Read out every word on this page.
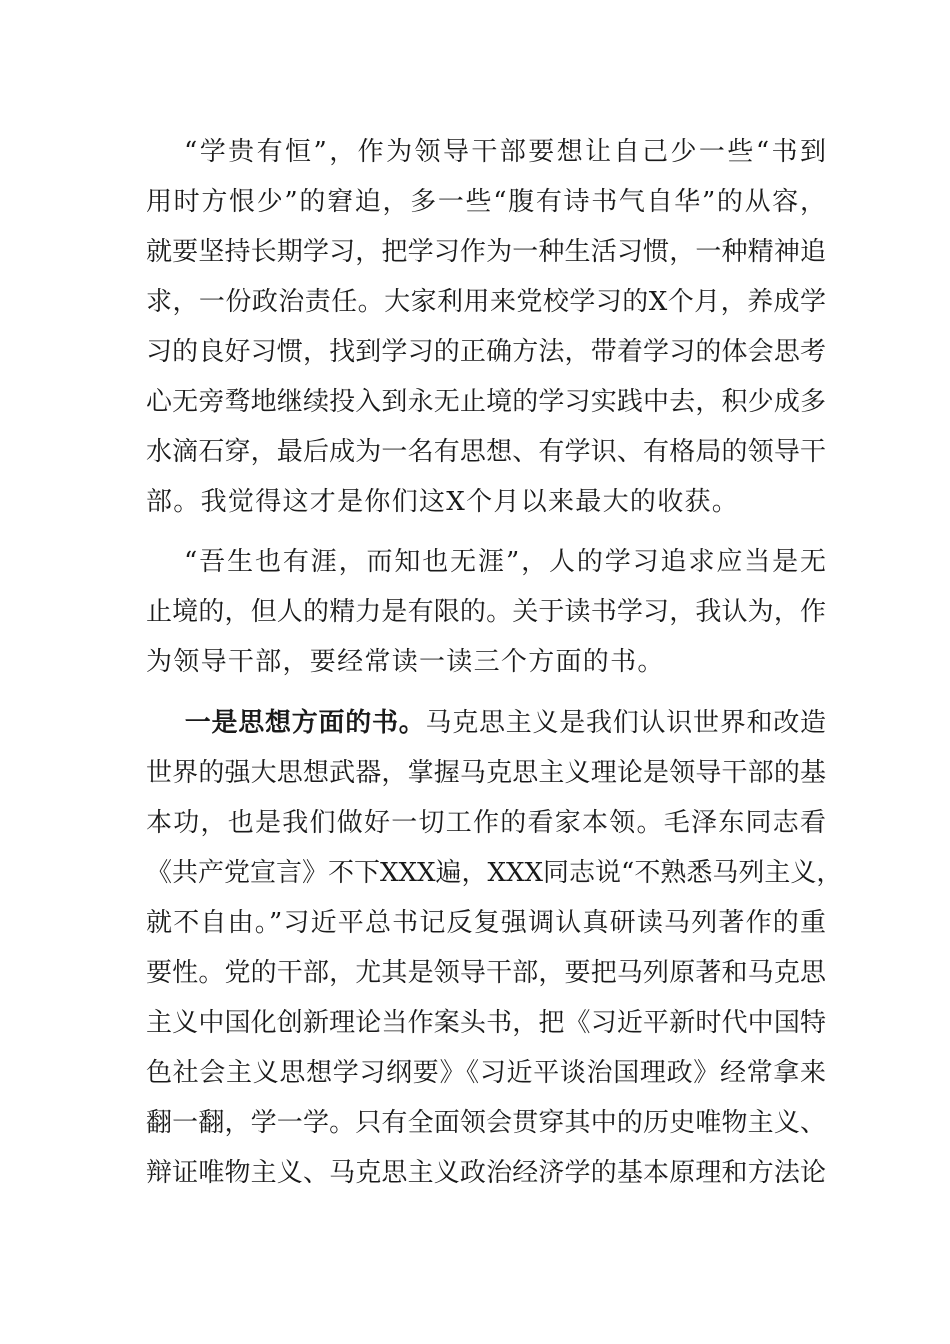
“学贵有恒”，作为领导干部要想让自己少一些“书到
用时方恨少”的窘迫，多一些“腹有诗书气自华”的从容，
就要坚持长期学习，把学习作为一种生活习惯，一种精神追
求，一份政治责任。大家利用来党校学习的X个月，养成学
习的良好习惯，找到学习的正确方法，带着学习的体会思考
心无旁骛地继续投入到永无止境的学习实践中去，积少成多
水滴石穿，最后成为一名有思想、有学识、有格局的领导干
部。我觉得这才是你们这X个月以来最大的收获。
“吾生也有涯，而知也无涯”，人的学习追求应当是无
止境的，但人的精力是有限的。关于读书学习，我认为，作
为领导干部，要经常读一读三个方面的书。
一是思想方面的书。马克思主义是我们认识世界和改造
世界的强大思想武器，掌握马克思主义理论是领导干部的基
本功，也是我们做好一切工作的看家本领。毛泽东同志看
《共产党宣言》不下XXX遍，XXX同志说“不熟悉马列主义，
就不自由。”习近平总书记反复强调认真研读马列著作的重
要性。党的干部，尤其是领导干部，要把马列原著和马克思
主义中国化创新理论当作案头书，把《习近平新时代中国特
色社会主义思想学习纲要》《习近平谈治国理政》经常拿来
翻一翻，学一学。只有全面领会贯穿其中的历史唯物主义、
辩证唯物主义、马克思主义政治经济学的基本原理和方法论
